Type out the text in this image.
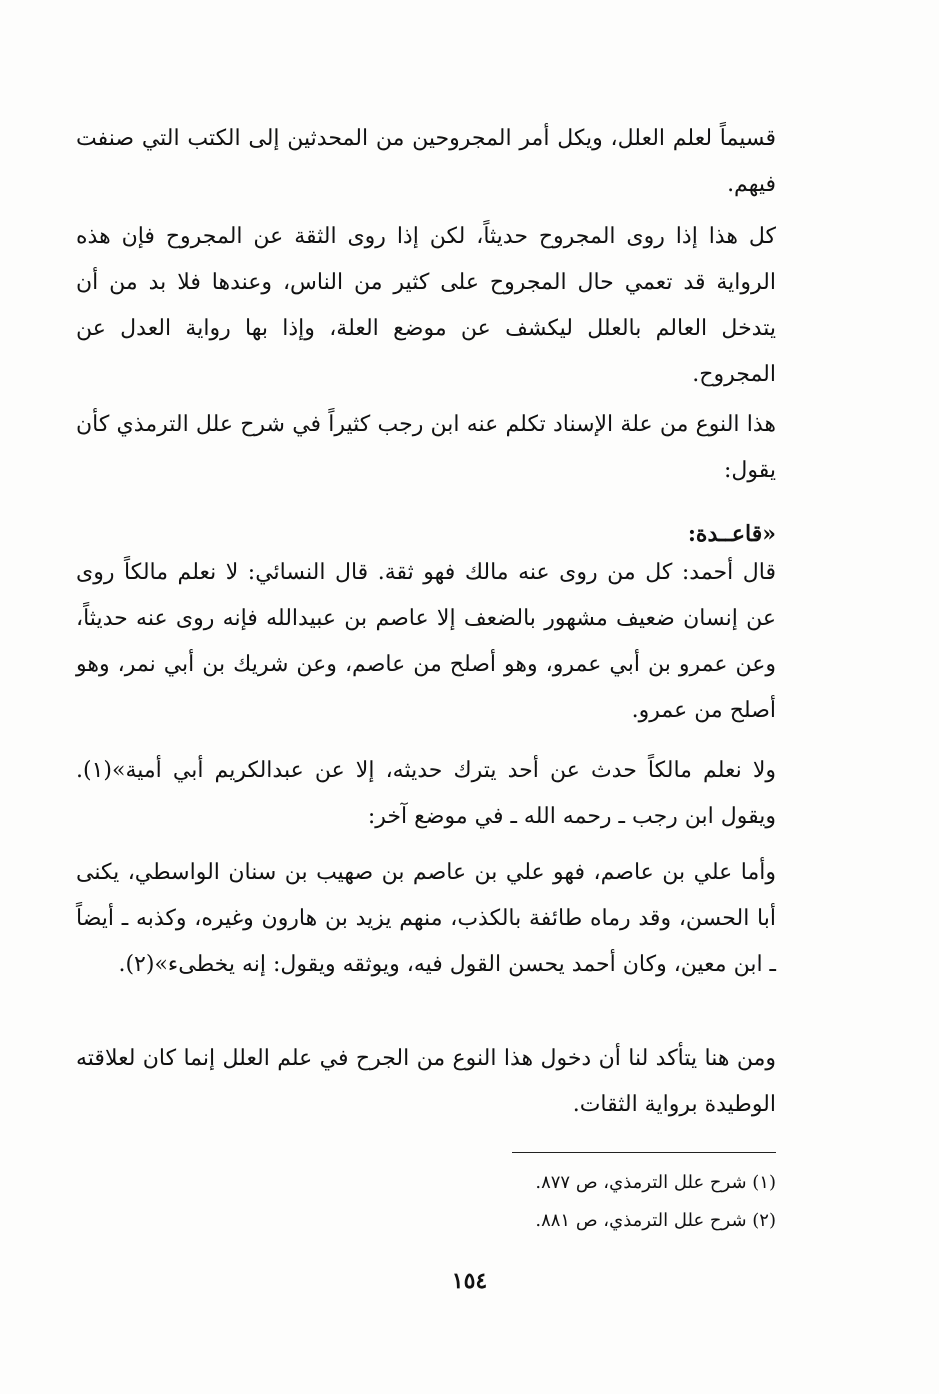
قسيماً لعلم العلل، ويكل أمر المجروحين من المحدثين إلى الكتب التي صنفت فيهم.

كل هذا إذا روى المجروح حديثاً، لكن إذا روى الثقة عن المجروح فإن هذه الرواية قد تعمي حال المجروح على كثير من الناس، وعندها فلا بد من أن يتدخل العالم بالعلل ليكشف عن موضع العلة، وإذا بها رواية العدل عن المجروح.

هذا النوع من علة الإسناد تكلم عنه ابن رجب كثيراً في شرح علل الترمذي كأن يقول:

«قاعــدة:

قال أحمد: كل من روى عنه مالك فهو ثقة. قال النسائي: لا نعلم مالكاً روى عن إنسان ضعيف مشهور بالضعف إلا عاصم بن عبيدالله فإنه روى عنه حديثاً، وعن عمرو بن أبي عمرو، وهو أصلح من عاصم، وعن شريك بن أبي نمر، وهو أصلح من عمرو.

ولا نعلم مالكاً حدث عن أحد يترك حديثه، إلا عن عبدالكريم أبي أمية»(١). ويقول ابن رجب ـ رحمه الله ـ في موضع آخر:

وأما علي بن عاصم، فهو علي بن عاصم بن صهيب بن سنان الواسطي، يكنى أبا الحسن، وقد رماه طائفة بالكذب، منهم يزيد بن هارون وغيره، وكذبه ـ أيضاً ـ ابن معين، وكان أحمد يحسن القول فيه، ويوثقه ويقول: إنه يخطىء»(٢).

ومن هنا يتأكد لنا أن دخول هذا النوع من الجرح في علم العلل إنما كان لعلاقته الوطيدة برواية الثقات.

(١) شرح علل الترمذي، ص ٨٧٧.

(٢) شرح علل الترمذي، ص ٨٨١.

١٥٤
